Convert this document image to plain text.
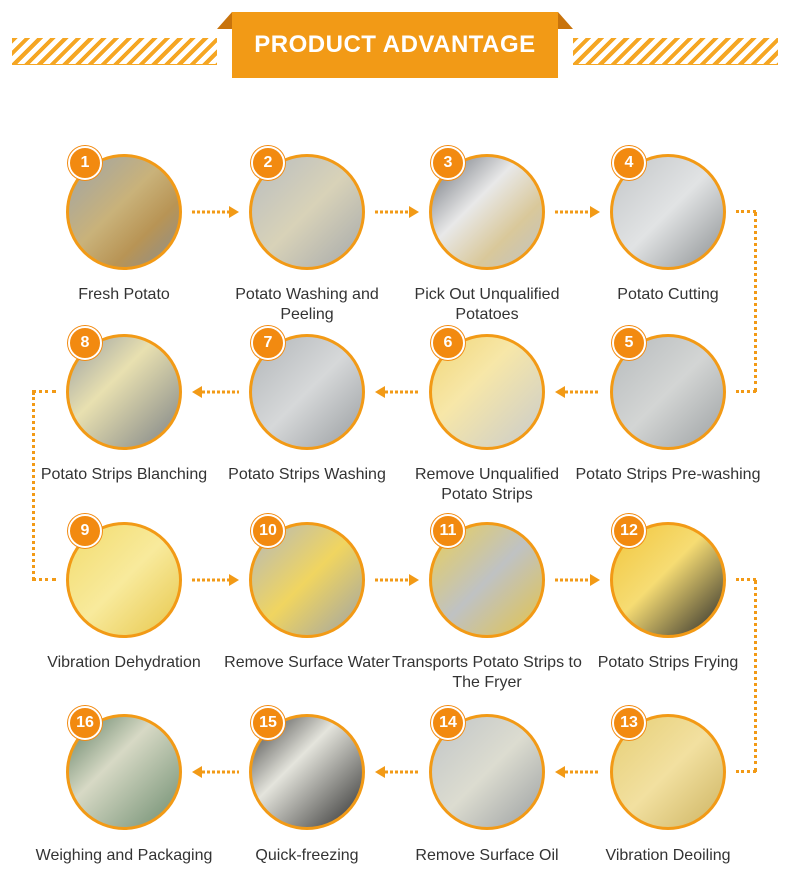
PRODUCT ADVANTAGE
1
Fresh Potato
2
Potato Washing and Peeling
3
Pick Out Unqualified Potatoes
4
Potato Cutting
8
Potato Strips Blanching
7
Potato Strips Washing
6
Remove Unqualified Potato Strips
5
Potato Strips Pre-washing
9
Vibration Dehydration
10
Remove Surface Water
11
Transports Potato Strips to The Fryer
12
Potato Strips Frying
16
Weighing and Packaging
15
Quick-freezing
14
Remove Surface Oil
13
Vibration Deoiling
